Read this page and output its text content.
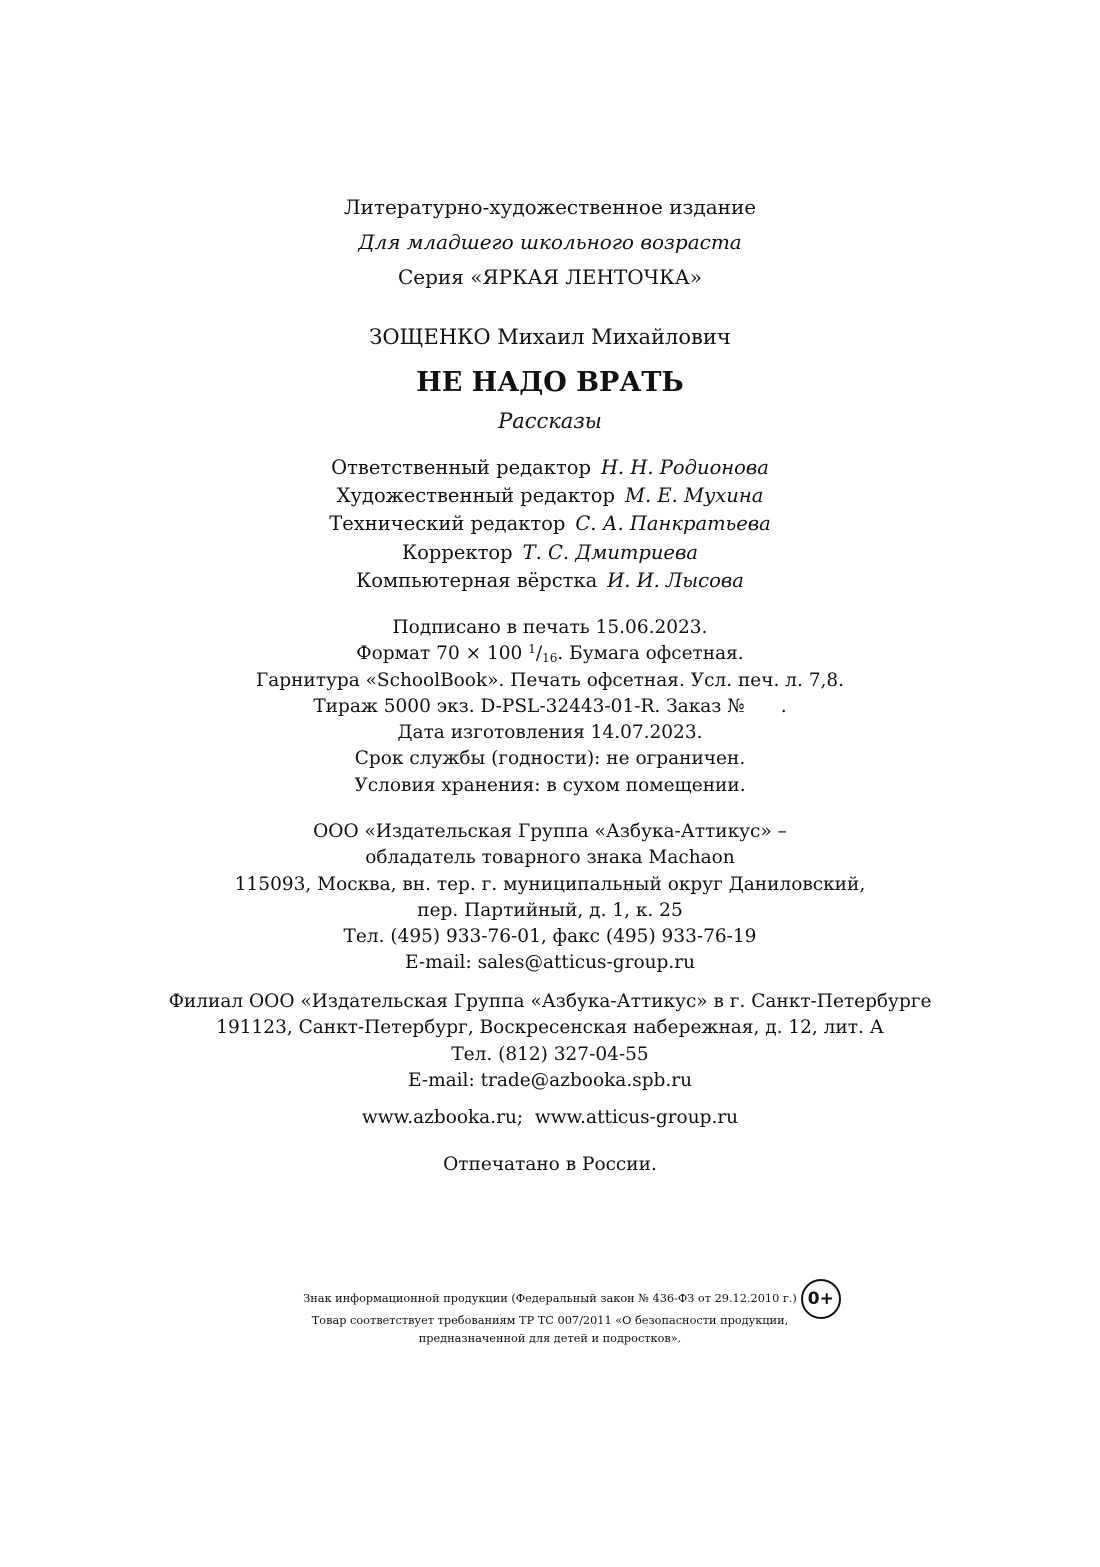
Литературно-художественное издание
Для младшего школьного возраста
Серия «ЯРКАЯ ЛЕНТОЧКА»
ЗОЩЕНКО Михаил Михайлович
НЕ НАДО ВРАТЬ
Рассказы
Ответственный редактор Н. Н. Родионова
Художественный редактор М. Е. Мухина
Технический редактор С. А. Панкратьева
Корректор Т. С. Дмитриева
Компьютерная вёрстка И. И. Лысова
Подписано в печать 15.06.2023.
Формат 70 × 100 $^1/_{16}$. Бумага офсетная.
Гарнитура «SchoolBook». Печать офсетная. Усл. печ. л. 7,8.
Тираж 5000 экз. D-PSL-32443-01-R. Заказ № .
Дата изготовления 14.07.2023.
Срок службы (годности): не ограничен.
Условия хранения: в сухом помещении.
ООО «Издательская Группа «Азбука-Аттикус» –
обладатель товарного знака Machaon
115093, Москва, вн. тер. г. муниципальный округ Даниловский,
пер. Партийный, д. 1, к. 25
Тел. (495) 933-76-01, факс (495) 933-76-19
E-mail: sales@atticus-group.ru
Филиал ООО «Издательская Группа «Азбука-Аттикус» в г. Санкт-Петербурге
191123, Санкт-Петербург, Воскресенская набережная, д. 12, лит. А
Тел. (812) 327-04-55
E-mail: trade@azbooka.spb.ru
www.azbooka.ru;  www.atticus-group.ru
Отпечатано в России.
Знак информационной продукции (Федеральный закон № 436-ФЗ от 29.12.2010 г.) 0+
Товар соответствует требованиям ТР ТС 007/2011 «О безопасности продукции,
предназначенной для детей и подростков».
